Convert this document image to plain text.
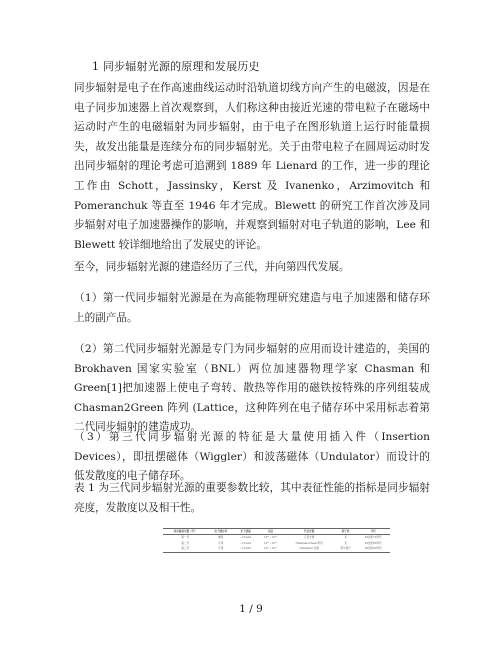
1 同步辐射光源的原理和发展历史
同步辐射是电子在作高速曲线运动时沿轨道切线方向产生的电磁波，因是在电子同步加速器上首次观察到，人们称这种由接近光速的带电粒子在磁场中运动时产生的电磁辐射为同步辐射，由于电子在图形轨道上运行时能量损失，故发出能量是连续分布的同步辐射光。关于由带电粒子在圆周运动时发出同步辐射的理论考虑可追溯到 1889 年 Lienard 的工作，进一步的理论工作由 Schott，Jassinsky，Kerst 及 Ivanenko，Arzimovitch 和 Pomeranchuk 等直至 1946 年才完成。Blewett 的研究工作首次涉及同步辐射对电子加速器操作的影响，并观察到辐射对电子轨道的影响，Lee 和 Blewett 较详细地给出了发展史的评论。
至今，同步辐射光源的建造经历了三代，并向第四代发展。
（1）第一代同步辐射光源是在为高能物理研究建造与电子加速器和储存环上的副产品。
（2）第二代同步辐射光源是专门为同步辐射的应用而设计建造的，美国的 Brokhaven 国家实验室（BNL）两位加速器物理学家 Chasman 和 Green[1]把加速器上使电子弯转、散热等作用的磁铁按特殊的序列组装成 Chasman2Green 阵列 (Lattice，这种阵列在电子储存环中采用标志着第二代同步辐射的建造成功。
（3）第三代同步辐射光源的特征是大量使用插入件（Insertion Devices），即扭摆磁体（Wiggler）和波荡磁体（Undulator）而设计的低发散度的电子储存环。
表 1 为三代同步辐射光源的重要参数比较，其中表征性能的指标是同步辐射亮度，发散度以及相干性。
同步辐射光源（代）	电子储存环	光子能量	亮度	代表光源	相干性	年代
第一代	兼用	~10 keV	10¹⁴~10¹⁵	已有光源	无	20世纪70年代
第二代	专用	~10 keV	10¹⁵~10¹⁶	Chasman-Green 阵列	无	20世纪80年代
第三代	专用	~10 keV	10¹⁷~10²⁰	Undulator 光源	部分相干	20世纪90年代
1 / 9
